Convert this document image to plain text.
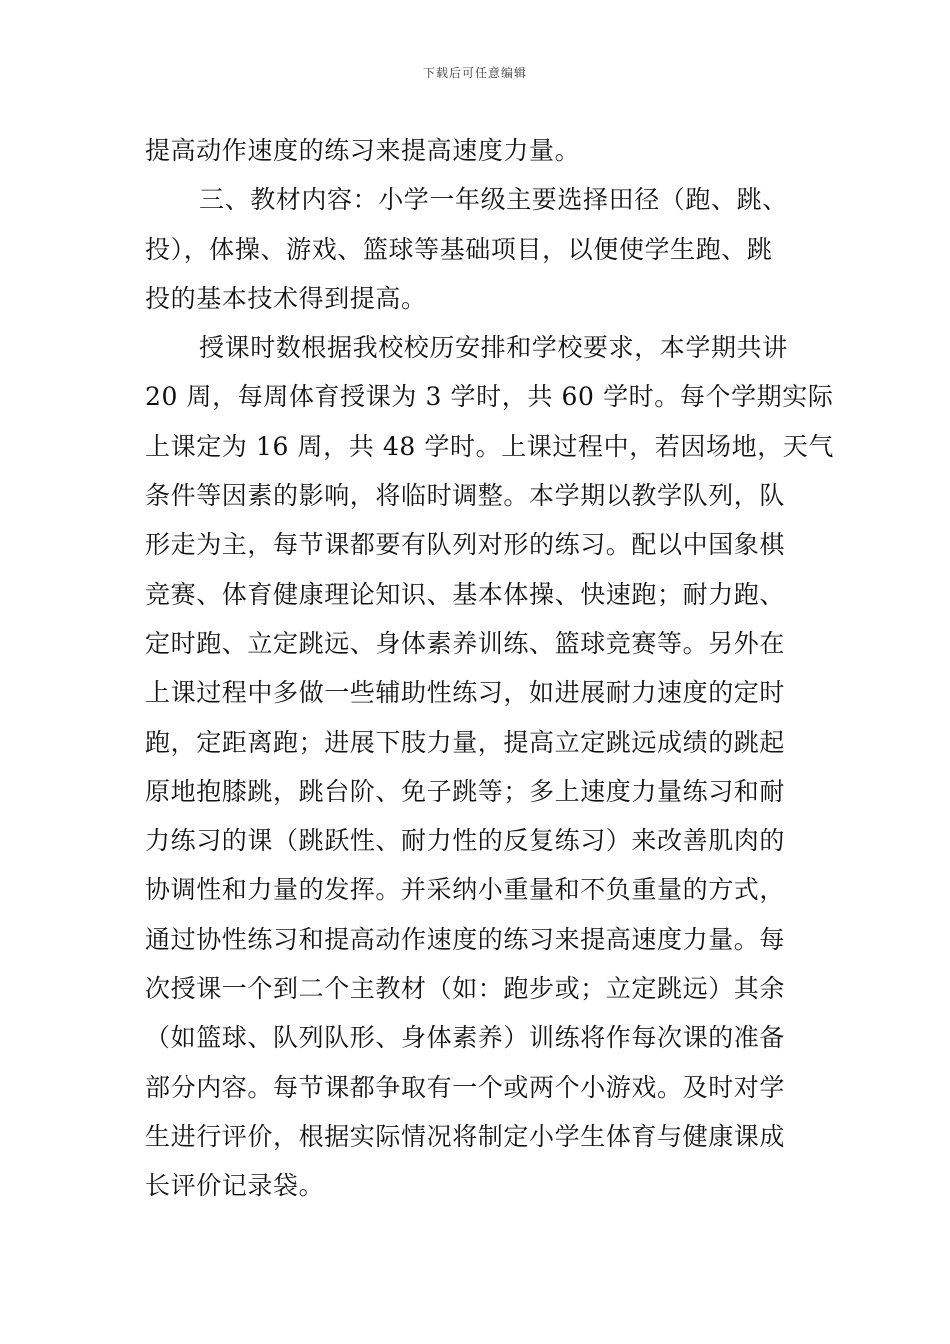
下载后可任意编辑
提高动作速度的练习来提高速度力量。
三、教材内容：小学一年级主要选择田径（跑、跳、
投），体操、游戏、篮球等基础项目，以便使学生跑、跳
投的基本技术得到提高。
授课时数根据我校校历安排和学校要求，本学期共讲
20 周，每周体育授课为 3 学时，共 60 学时。每个学期实际
上课定为 16 周，共 48 学时。上课过程中，若因场地，天气
条件等因素的影响，将临时调整。本学期以教学队列，队
形走为主，每节课都要有队列对形的练习。配以中国象棋
竞赛、体育健康理论知识、基本体操、快速跑；耐力跑、
定时跑、立定跳远、身体素养训练、篮球竞赛等。另外在
上课过程中多做一些辅助性练习，如进展耐力速度的定时
跑，定距离跑；进展下肢力量，提高立定跳远成绩的跳起
原地抱膝跳，跳台阶、免子跳等；多上速度力量练习和耐
力练习的课（跳跃性、耐力性的反复练习）来改善肌肉的
协调性和力量的发挥。并采纳小重量和不负重量的方式，
通过协性练习和提高动作速度的练习来提高速度力量。每
次授课一个到二个主教材（如：跑步或；立定跳远）其余
（如篮球、队列队形、身体素养）训练将作每次课的准备
部分内容。每节课都争取有一个或两个小游戏。及时对学
生进行评价，根据实际情况将制定小学生体育与健康课成
长评价记录袋。
